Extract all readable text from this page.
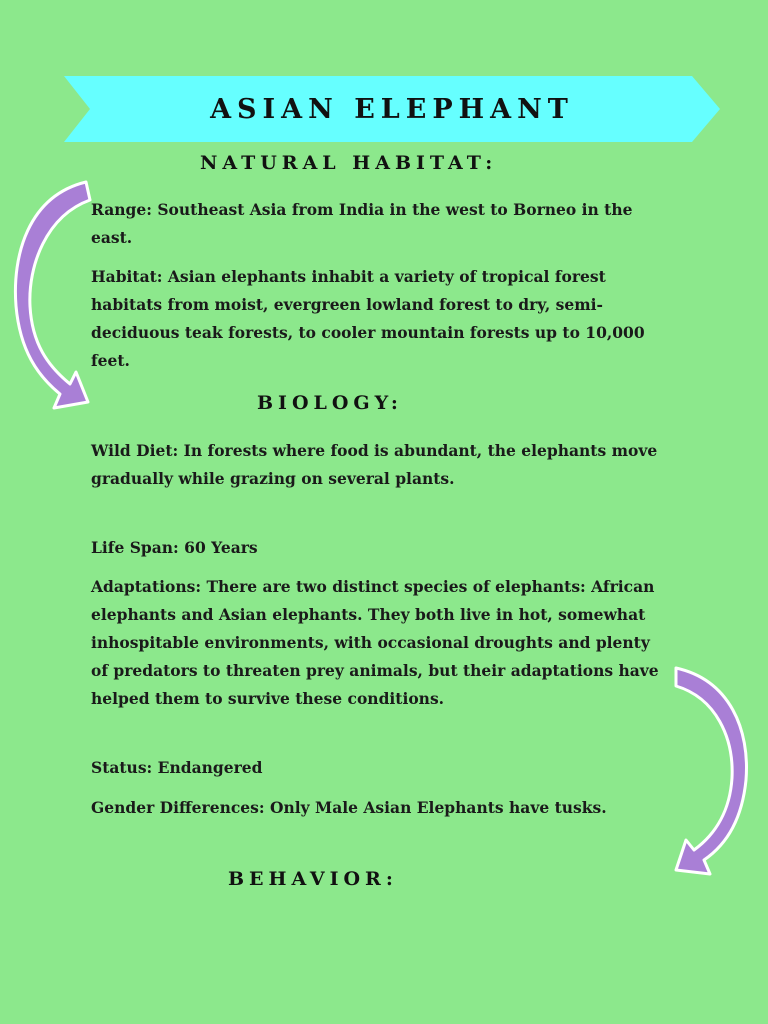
ASIAN ELEPHANT
NATURAL HABITAT:

Range: Southeast Asia from India in the west to Borneo in the east.

Habitat: Asian elephants inhabit a variety of tropical forest habitats from moist, evergreen lowland forest to dry, semi-deciduous teak forests, to cooler mountain forests up to 10,000 feet.

BIOLOGY:

Wild Diet: In forests where food is abundant, the elephants move gradually while grazing on several plants.

Life Span: 60 Years

Adaptations: There are two distinct species of elephants: African elephants and Asian elephants. They both live in hot, somewhat inhospitable environments, with occasional droughts and plenty of predators to threaten prey animals, but their adaptations have helped them to survive these conditions.

Status: Endangered

Gender Differences: Only Male Asian Elephants have tusks.

BEHAVIOR:
